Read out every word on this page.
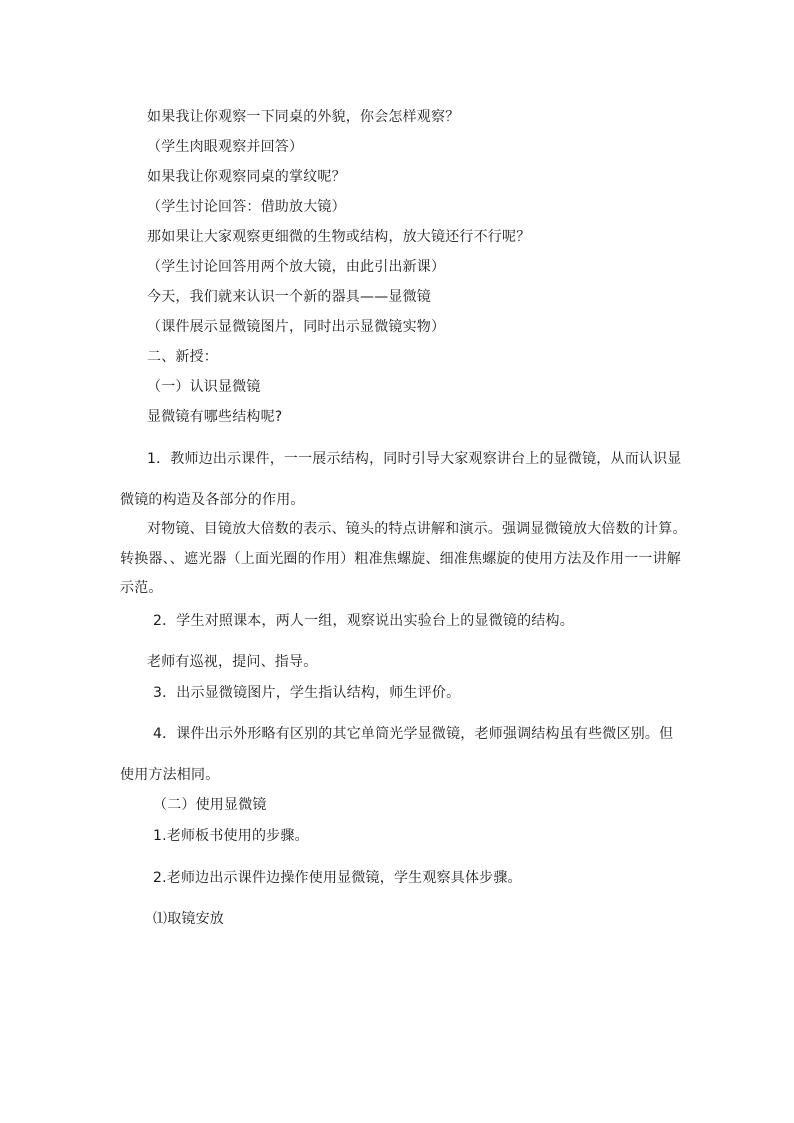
如果我让你观察一下同桌的外貌，你会怎样观察？
（学生肉眼观察并回答）
如果我让你观察同桌的掌纹呢？
（学生讨论回答：借助放大镜）
那如果让大家观察更细微的生物或结构，放大镜还行不行呢？
（学生讨论回答用两个放大镜，由此引出新课）
今天，我们就来认识一个新的器具——显微镜
（课件展示显微镜图片，同时出示显微镜实物）
二、新授：
（一）认识显微镜
显微镜有哪些结构呢?
1．教师边出示课件，一一展示结构，同时引导大家观察讲台上的显微镜，从而认识显
微镜的构造及各部分的作用。
对物镜、目镜放大倍数的表示、镜头的特点讲解和演示。强调显微镜放大倍数的计算。
转换器、、遮光器（上面光圈的作用）粗准焦螺旋、细准焦螺旋的使用方法及作用一一讲解
示范。
2．学生对照课本，两人一组，观察说出实验台上的显微镜的结构。
老师有巡视，提问、指导。
3．出示显微镜图片，学生指认结构，师生评价。
4．课件出示外形略有区别的其它单筒光学显微镜，老师强调结构虽有些微区别。但
使用方法相同。
（二）使用显微镜
1.老师板书使用的步骤。
2.老师边出示课件边操作使用显微镜，学生观察具体步骤。
⑴取镜安放
